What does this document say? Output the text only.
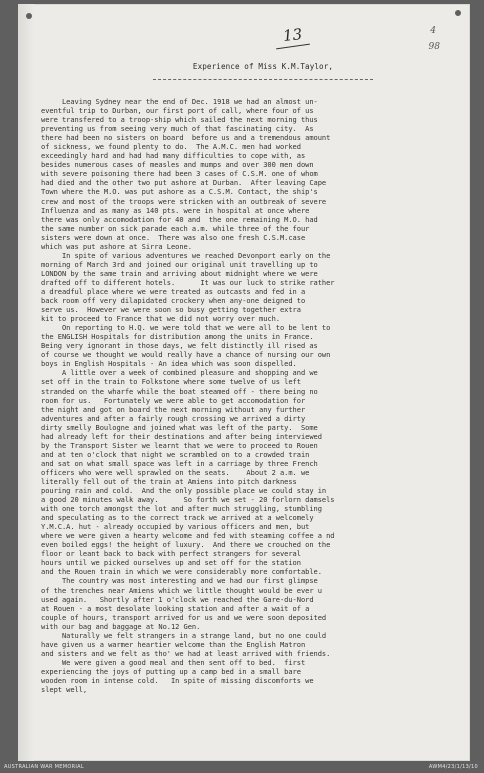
13	4
98
Experience of Miss K.M.Taylor,
Leaving Sydney near the end of Dec. 1918 we had an almost un-
eventful trip to Durban, our first port of call, where four of us
were transfered to a troop-ship which sailed the next morning thus
preventing us from seeing very much of that fascinating city.  As
there had been no sisters on board  before us and a tremendous amount
of sickness, we found plenty to do.  The A.M.C. men had worked
exceedingly hard and had had many difficulties to cope with, as
besides numerous cases of measles and mumps and over 300 men down
with severe poisoning there had been 3 cases of C.S.M. one of whom
had died and the other two put ashore at Durban.  After leaving Cape
Town where the M.O. was put ashore as a C.S.M. Contact, the ship's
crew and most of the troops were stricken with an outbreak of severe
Influenza and as many as 140 pts. were in hospital at once where
there was only accomodation for 40 and  the one remaining M.O. had
the same number on sick parade each a.m. while three of the four
sisters were down at once.  There was also one fresh C.S.M.case
which was put ashore at Sirra Leone.
In spite of various adventures we reached Devonport early on the
morning of March 3rd and joined our original unit travelling up to
LONDON by the same train and arriving about midnight where we were
drafted off to different hotels.      It was our luck to strike rather
a dreadful place where we were treated as outcasts and fed in a
back room off very dilapidated crockery when any-one deigned to
serve us.  However we were soon so busy getting together extra
kit to proceed to France that we did not worry over much.
On reporting to H.Q. we were told that we were all to be lent to
the ENGLISH Hospitals for distribution among the units in France.
Being very ignorant in those days, we felt distinctly ill rised as
of course we thought we would really have a chance of nursing our own
boys in English Hospitals - An idea which was soon dispelled.
A little over a week of combined pleasure and shopping and we
set off in the train to Folkstone where some twelve of us left
stranded on the wharfe while the boat steamed off - there being no
room for us.   Fortunately we were able to get accomodation for
the night and got on board the next morning without any further
adventures and after a fairly rough crossing we arrived a dirty
dirty smelly Boulogne and joined what was left of the party.  Some
had already left for their destinations and after being interviewed
by the Transport Sister we learnt that we were to proceed to Rouen
and at ten o'clock that night we scrambled on to a crowded train
and sat on what small space was left in a carriage by three French
officers who were well sprawled on the seats.    About 2 a.m. we
literally fell out of the train at Amiens into pitch darkness
pouring rain and cold.  And the only possible place we could stay in
a good 20 minutes walk away.      So forth we set - 20 forlorn damsels
with one torch amongst the lot and after much struggling, stumbling
and speculating as to the correct track we arrived at a welcomely
Y.M.C.A. hut - already occupied by various officers and men, but
where we were given a hearty welcome and fed with steaming coffee a nd
even boiled eggs! the height of luxury.  And there we crouched on the
floor or leant back to back with perfect strangers for several
hours until we picked ourselves up and set off for the station
and the Rouen train in which we were considerably more comfortable.
The country was most interesting and we had our first glimpse
of the trenches near Amiens which we little thought would be ever u
used again.   Shortly after 1 o'clock we reached the Gare-du-Nord
at Rouen - a most desolate looking station and after a wait of a
couple of hours, transport arrived for us and we were soon deposited
with our bag and baggage at No.12 Gen.
Naturally we felt strangers in a strange land, but no one could
have given us a warmer heartier welcome than the English Matron
and sisters and we felt as tho' we had at least arrived with friends.
We were given a good meal and then sent off to bed.  first
experiencing the joys of putting up a camp bed in a small bare
wooden room in intense cold.   In spite of missing discomforts we
slept well,
AUSTRALIAN WAR MEMORIAL	AWM4/23/1/13/10
